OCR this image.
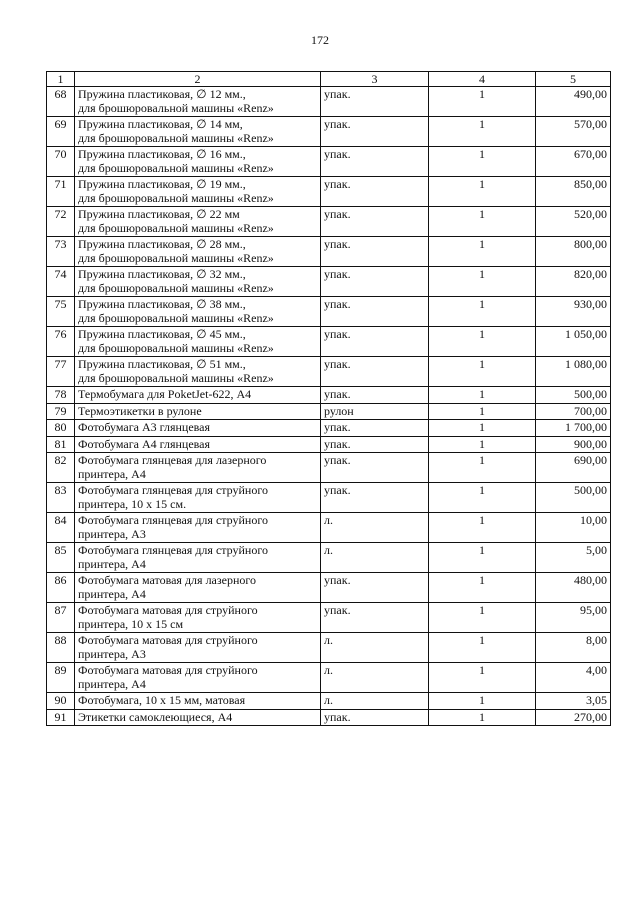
172
1	2	3	4	5
68	Пружина пластиковая, ∅ 12 мм.,
для брошюровальной машины «Renz»	упак.	1	490,00
69	Пружина пластиковая, ∅ 14 мм,
для брошюровальной машины «Renz»	упак.	1	570,00
70	Пружина пластиковая, ∅ 16 мм.,
для брошюровальной машины «Renz»	упак.	1	670,00
71	Пружина пластиковая, ∅ 19 мм.,
для брошюровальной машины «Renz»	упак.	1	850,00
72	Пружина пластиковая, ∅ 22 мм
для брошюровальной машины «Renz»	упак.	1	520,00
73	Пружина пластиковая, ∅ 28 мм.,
для брошюровальной машины «Renz»	упак.	1	800,00
74	Пружина пластиковая, ∅ 32 мм.,
для брошюровальной машины «Renz»	упак.	1	820,00
75	Пружина пластиковая, ∅ 38 мм.,
для брошюровальной машины «Renz»	упак.	1	930,00
76	Пружина пластиковая, ∅ 45 мм.,
для брошюровальной машины «Renz»	упак.	1	1 050,00
77	Пружина пластиковая, ∅ 51 мм.,
для брошюровальной машины «Renz»	упак.	1	1 080,00
78	Термобумага для PoketJet-622, А4	упак.	1	500,00
79	Термоэтикетки в рулоне	рулон	1	700,00
80	Фотобумага А3 глянцевая	упак.	1	1 700,00
81	Фотобумага А4 глянцевая	упак.	1	900,00
82	Фотобумага глянцевая для лазерного
принтера, А4	упак.	1	690,00
83	Фотобумага глянцевая для струйного
принтера, 10 х 15 см.	упак.	1	500,00
84	Фотобумага глянцевая для струйного
принтера, А3	л.	1	10,00
85	Фотобумага глянцевая для струйного
принтера, А4	л.	1	5,00
86	Фотобумага матовая для лазерного
принтера, А4	упак.	1	480,00
87	Фотобумага матовая для струйного
принтера, 10 х 15 см	упак.	1	95,00
88	Фотобумага матовая для струйного
принтера, А3	л.	1	8,00
89	Фотобумага матовая для струйного
принтера, А4	л.	1	4,00
90	Фотобумага, 10 х 15 мм, матовая	л.	1	3,05
91	Этикетки самоклеющиеся, А4	упак.	1	270,00
